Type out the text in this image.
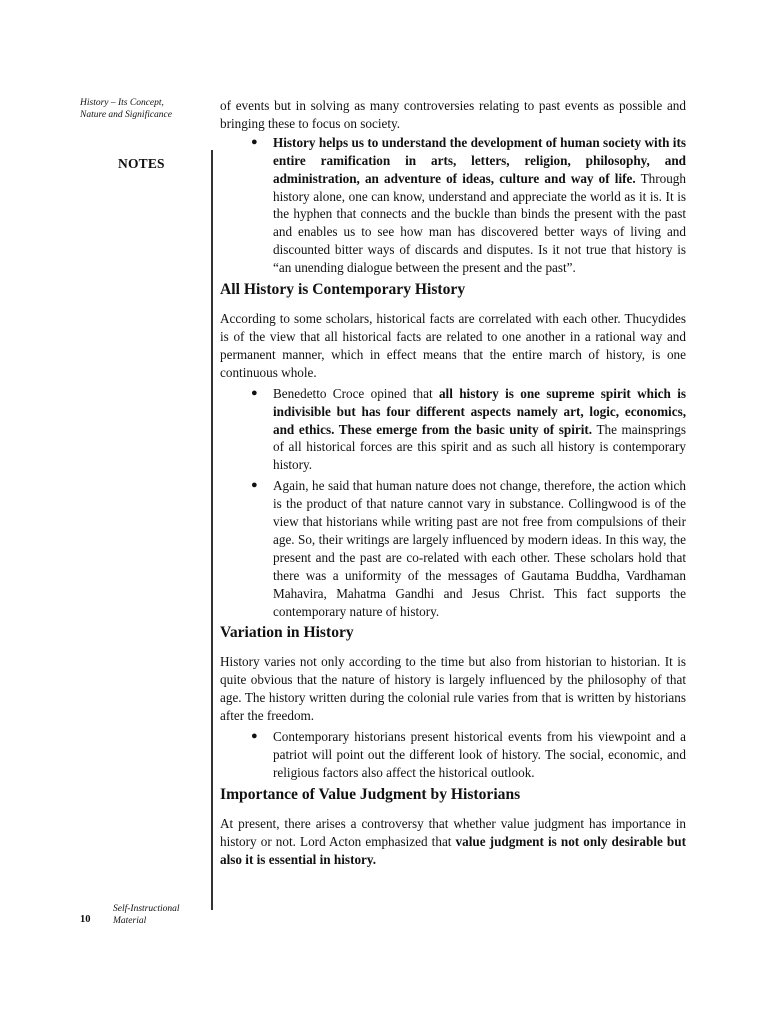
History – Its Concept,
Nature and Significance
NOTES

of events but in solving as many controversies relating to past events as possible and bringing these to focus on society.

● History helps us to understand the development of human society with its entire ramification in arts, letters, religion, philosophy, and administration, an adventure of ideas, culture and way of life. Through history alone, one can know, understand and appreciate the world as it is. It is the hyphen that connects and the buckle than binds the present with the past and enables us to see how man has discovered better ways of living and discounted bitter ways of discards and disputes. Is it not true that history is “an unending dialogue between the present and the past”.
All History is Contemporary History

According to some scholars, historical facts are correlated with each other. Thucydides is of the view that all historical facts are related to one another in a rational way and permanent manner, which in effect means that the entire march of history, is one continuous whole.

● Benedetto Croce opined that all history is one supreme spirit which is indivisible but has four different aspects namely art, logic, economics, and ethics. These emerge from the basic unity of spirit. The mainsprings of all historical forces are this spirit and as such all history is contemporary history.
● Again, he said that human nature does not change, therefore, the action which is the product of that nature cannot vary in substance. Collingwood is of the view that historians while writing past are not free from compulsions of their age. So, their writings are largely influenced by modern ideas. In this way, the present and the past are co-related with each other. These scholars hold that there was a uniformity of the messages of Gautama Buddha, Vardhaman Mahavira, Mahatma Gandhi and Jesus Christ. This fact supports the contemporary nature of history.
Variation in History

History varies not only according to the time but also from historian to historian. It is quite obvious that the nature of history is largely influenced by the philosophy of that age. The history written during the colonial rule varies from that is written by historians after the freedom.

● Contemporary historians present historical events from his viewpoint and a patriot will point out the different look of history. The social, economic, and religious factors also affect the historical outlook.
Importance of Value Judgment by Historians

At present, there arises a controversy that whether value judgment has importance in history or not. Lord Acton emphasized that value judgment is not only desirable but also it is essential in history.

10
Self-Instructional
Material
